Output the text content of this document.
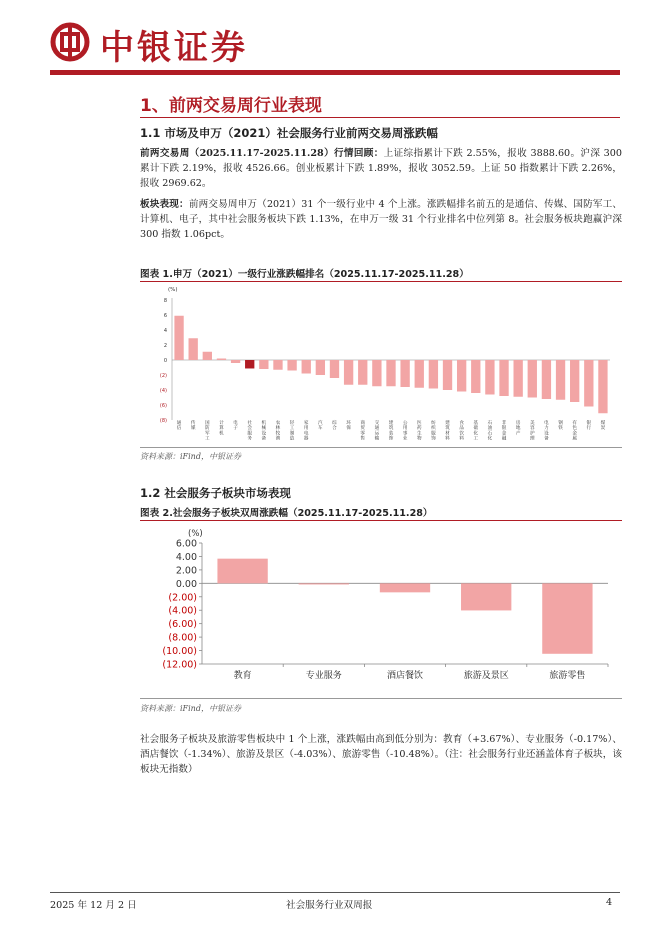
中银证券
1、前两交易周行业表现
1.1 市场及申万（2021）社会服务行业前两交易周涨跌幅
前两交易周（2025.11.17-2025.11.28）行情回顾：上证综指累计下跌 2.55%，报收 3888.60。沪深 300 累计下跌 2.19%，报收 4526.66。创业板累计下跌 1.89%，报收 3052.59。上证 50 指数累计下跌 2.26%，报收 2969.62。
板块表现：前两交易周申万（2021）31 个一级行业中 4 个上涨。涨跌幅排名前五的是通信、传媒、国防军工、计算机、电子，其中社会服务板块下跌 1.13%，在申万一级 31 个行业排名中位列第 8。社会服务板块跑赢沪深 300 指数 1.06pct。
图表 1.申万（2021）一级行业涨跌幅排名（2025.11.17-2025.11.28）
(%)
8
6
4
2
0
(2)
(4)
(6)
(8) 通信
传媒
国防军工
计算机
电子
社会服务
机械设备
农林牧渔
轻工制造
家用电器
汽车
综合
环保
商贸零售
交通运输
建筑装饰
公用事业
医药生物
纺织服饰
建筑材料
食品饮料
基础化工
石油石化
非银金融
房地产
美容护理
电力设备
钢铁
有色金属
银行
煤炭
资料来源：iFind，中银证券
1.2 社会服务子板块市场表现
图表 2.社会服务子板块双周涨跌幅（2025.11.17-2025.11.28）
(%)
6.00
4.00
2.00
0.00
(2.00)
(4.00)
(6.00)
(8.00)
(10.00)
(12.00)
教育	专业服务	酒店餐饮	旅游及景区	旅游零售
资料来源：iFind，中银证券
社会服务子板块及旅游零售板块中 1 个上涨，涨跌幅由高到低分别为：教育（+3.67%）、专业服务（-0.17%）、酒店餐饮（-1.34%）、旅游及景区（-4.03%）、旅游零售（-10.48%）。（注：社会服务行业还涵盖体育子板块，该板块无指数）
2025 年 12 月 2 日	社会服务行业双周报	4
